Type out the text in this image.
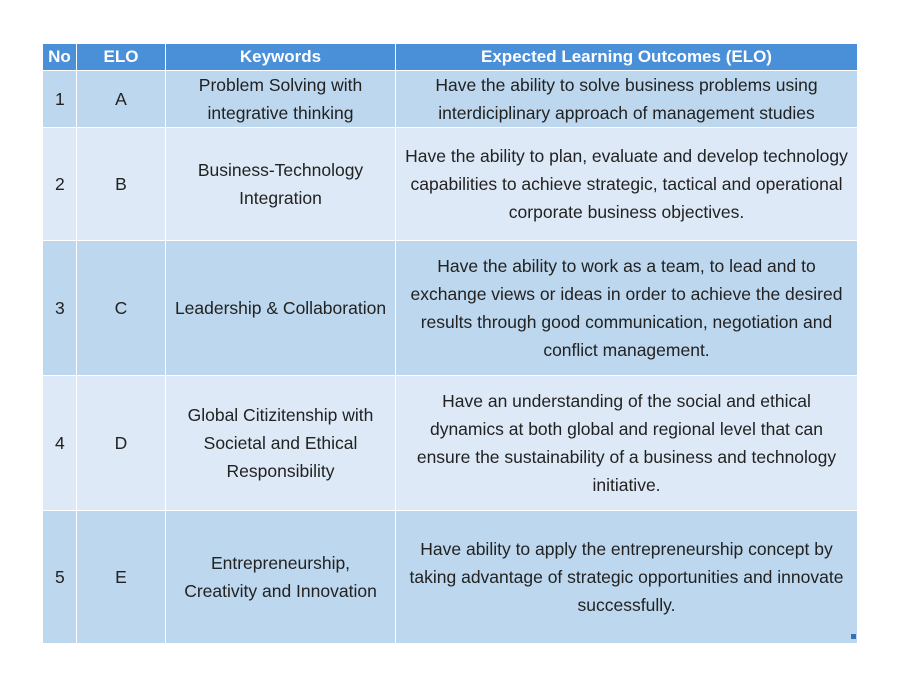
No	ELO	Keywords	Expected Learning Outcomes (ELO)
1	A	Problem Solving with integrative thinking	Have the ability to solve business problems using interdiciplinary approach of management studies
2	B	Business-Technology Integration	Have the ability to plan, evaluate and develop technology capabilities to achieve strategic, tactical and operational corporate business objectives.
3	C	Leadership & Collaboration	Have the ability to work as a team, to lead and to exchange views or ideas in order to achieve the desired results through good communication, negotiation and conflict management.
4	D	Global Citizitenship with Societal and Ethical Responsibility	Have an understanding of the social and ethical dynamics at both global and regional level that can ensure the sustainability of a business and technology initiative.
5	E	Entrepreneurship, Creativity and Innovation	Have ability to apply the entrepreneurship concept by taking advantage of strategic opportunities and innovate successfully.
